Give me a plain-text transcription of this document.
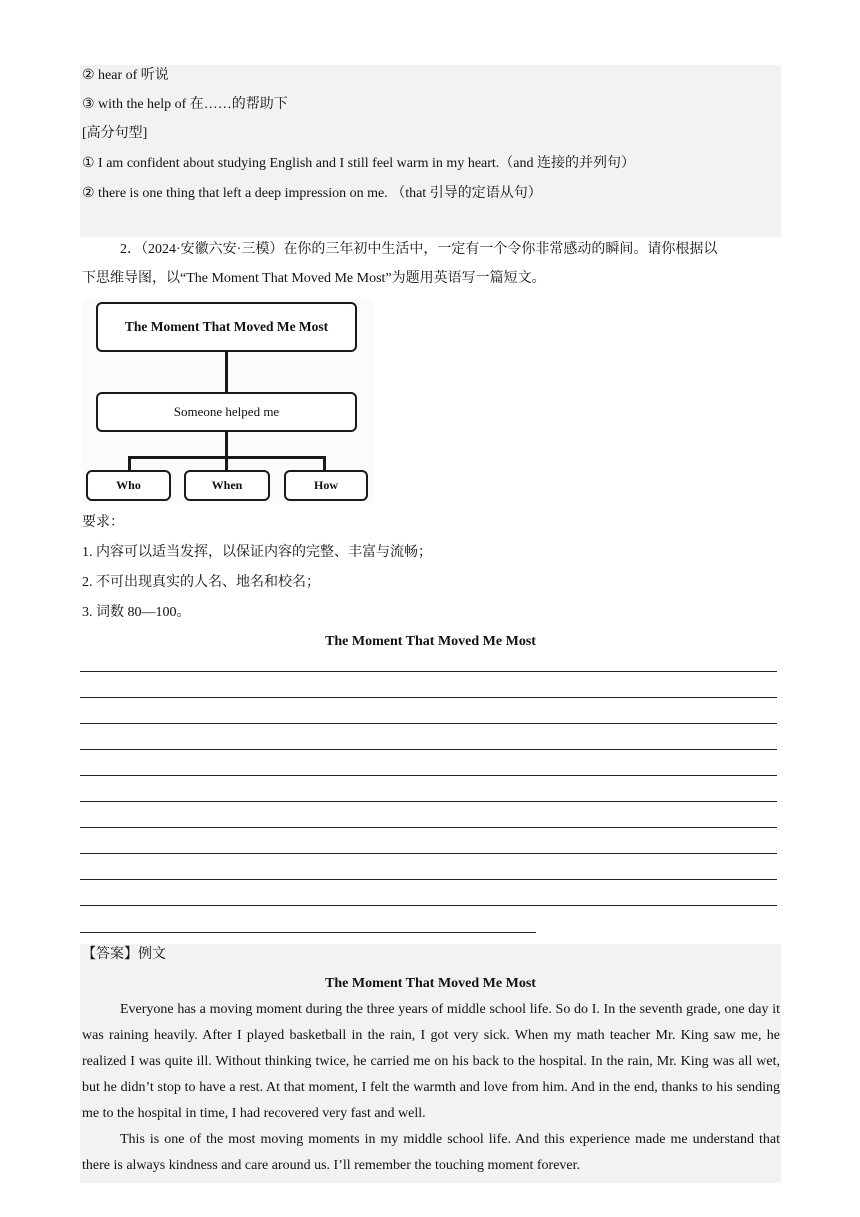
② hear of 听说
③ with the help of 在……的帮助下
[高分句型]
① I am confident about studying English and I still feel warm in my heart.（and 连接的并列句）
② there is one thing that left a deep impression on me. （that 引导的定语从句）
2．（2024·安徽六安·三模）在你的三年初中生活中，一定有一个令你非常感动的瞬间。请你根据以
下思维导图，以“The Moment That Moved Me Most”为题用英语写一篇短文。
The Moment That Moved Me Most
Someone helped me
Who	When	How
要求：
1. 内容可以适当发挥，以保证内容的完整、丰富与流畅；
2. 不可出现真实的人名、地名和校名；
3. 词数 80—100。
The Moment That Moved Me Most
【答案】例文
The Moment That Moved Me Most
Everyone has a moving moment during the three years of middle school life. So do I. In the seventh grade, one day it was raining heavily. After I played basketball in the rain, I got very sick. When my math teacher Mr. King saw me, he realized I was quite ill. Without thinking twice, he carried me on his back to the hospital. In the rain, Mr. King was all wet, but he didn’t stop to have a rest. At that moment, I felt the warmth and love from him. And in the end, thanks to his sending me to the hospital in time, I had recovered very fast and well.
This is one of the most moving moments in my middle school life. And this experience made me understand that there is always kindness and care around us. I’ll remember the touching moment forever.
